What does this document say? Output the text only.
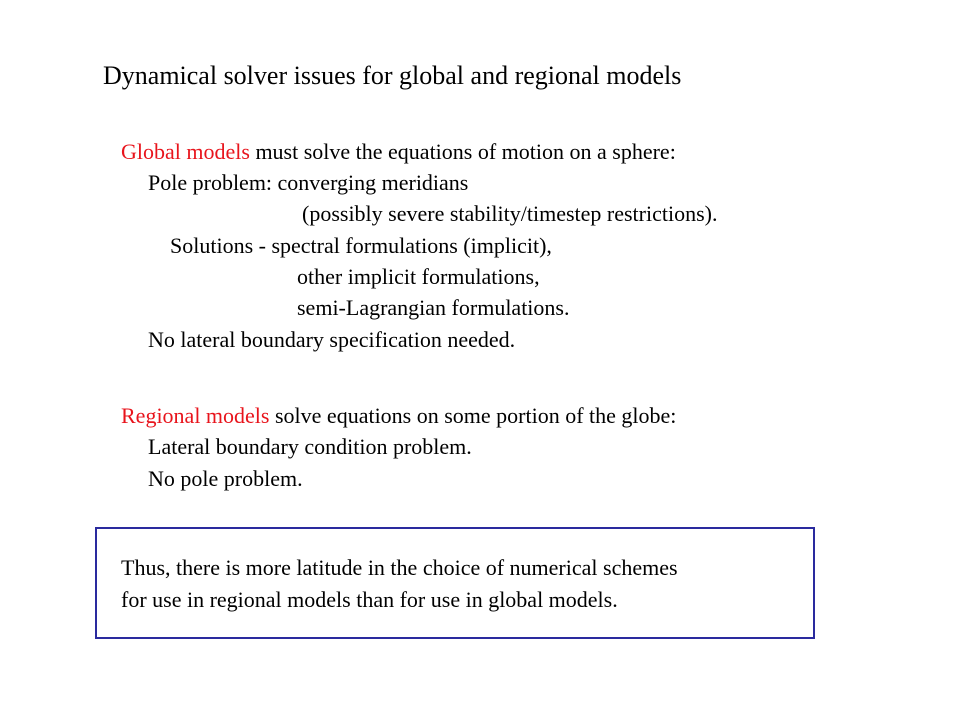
Dynamical solver issues for global and regional models
Global models must solve the equations of motion on a sphere:
Pole problem: converging meridians
(possibly severe stability/timestep restrictions).
Solutions - spectral formulations (implicit),
other implicit formulations,
semi-Lagrangian formulations.
No lateral boundary specification needed.
Regional models solve equations on some portion of the globe:
Lateral boundary condition problem.
No pole problem.
Thus, there is more latitude in the choice of numerical schemes
for use in regional models than for use in global models.
